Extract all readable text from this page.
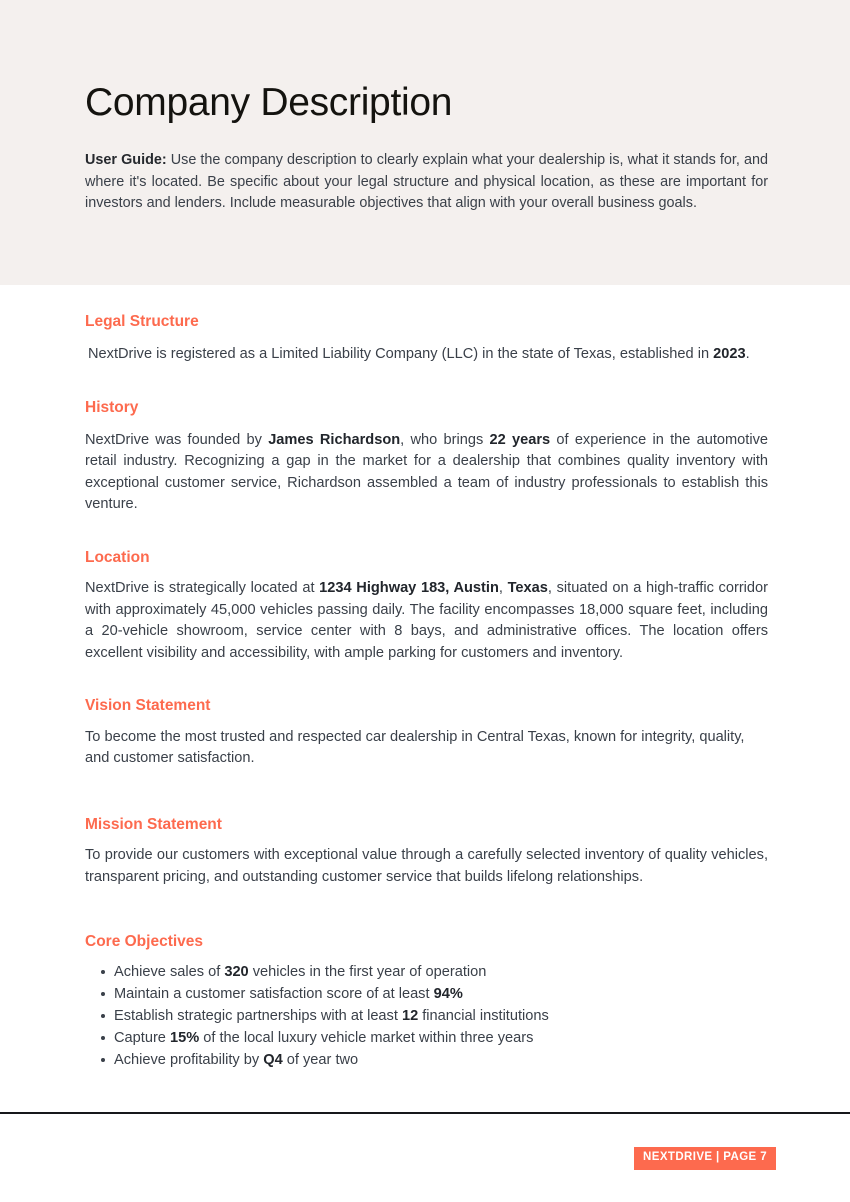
Company Description

User Guide: Use the company description to clearly explain what your dealership is, what it stands for, and where it's located. Be specific about your legal structure and physical location, as these are important for investors and lenders. Include measurable objectives that align with your overall business goals.

Legal Structure

NextDrive is registered as a Limited Liability Company (LLC) in the state of Texas, established in 2023.

History

NextDrive was founded by James Richardson, who brings 22 years of experience in the automotive retail industry. Recognizing a gap in the market for a dealership that combines quality inventory with exceptional customer service, Richardson assembled a team of industry professionals to establish this venture.

Location

NextDrive is strategically located at 1234 Highway 183, Austin, Texas, situated on a high-traffic corridor with approximately 45,000 vehicles passing daily. The facility encompasses 18,000 square feet, including a 20-vehicle showroom, service center with 8 bays, and administrative offices. The location offers excellent visibility and accessibility, with ample parking for customers and inventory.

Vision Statement

To become the most trusted and respected car dealership in Central Texas, known for integrity, quality, and customer satisfaction.

Mission Statement

To provide our customers with exceptional value through a carefully selected inventory of quality vehicles, transparent pricing, and outstanding customer service that builds lifelong relationships.

Core Objectives
Achieve sales of 320 vehicles in the first year of operation
Maintain a customer satisfaction score of at least 94%
Establish strategic partnerships with at least 12 financial institutions
Capture 15% of the local luxury vehicle market within three years
Achieve profitability by Q4 of year two
NEXTDRIVE | PAGE 7
